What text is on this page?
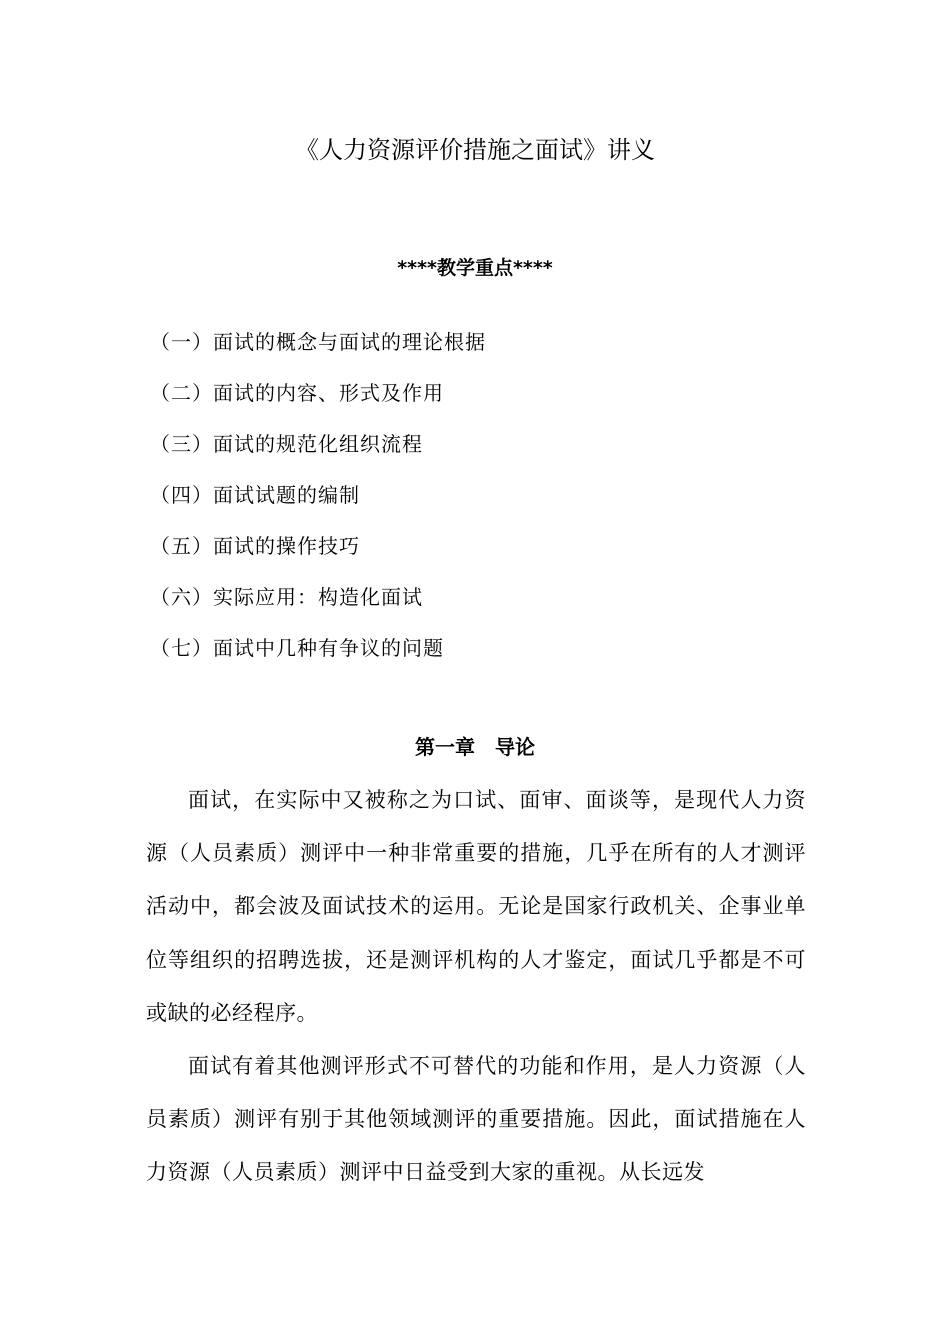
《人力资源评价措施之面试》讲义
****教学重点****
（一）面试的概念与面试的理论根据
（二）面试的内容、形式及作用
（三）面试的规范化组织流程
（四）面试试题的编制
（五）面试的操作技巧
（六）实际应用：构造化面试
（七）面试中几种有争议的问题
第一章　导论

面试，在实际中又被称之为口试、面审、面谈等，是现代人力资源（人员素质）测评中一种非常重要的措施，几乎在所有的人才测评活动中，都会波及面试技术的运用。无论是国家行政机关、企事业单位等组织的招聘选拔，还是测评机构的人才鉴定，面试几乎都是不可或缺的必经程序。

面试有着其他测评形式不可替代的功能和作用，是人力资源（人员素质）测评有别于其他领域测评的重要措施。因此，面试措施在人力资源（人员素质）测评中日益受到大家的重视。从长远发
